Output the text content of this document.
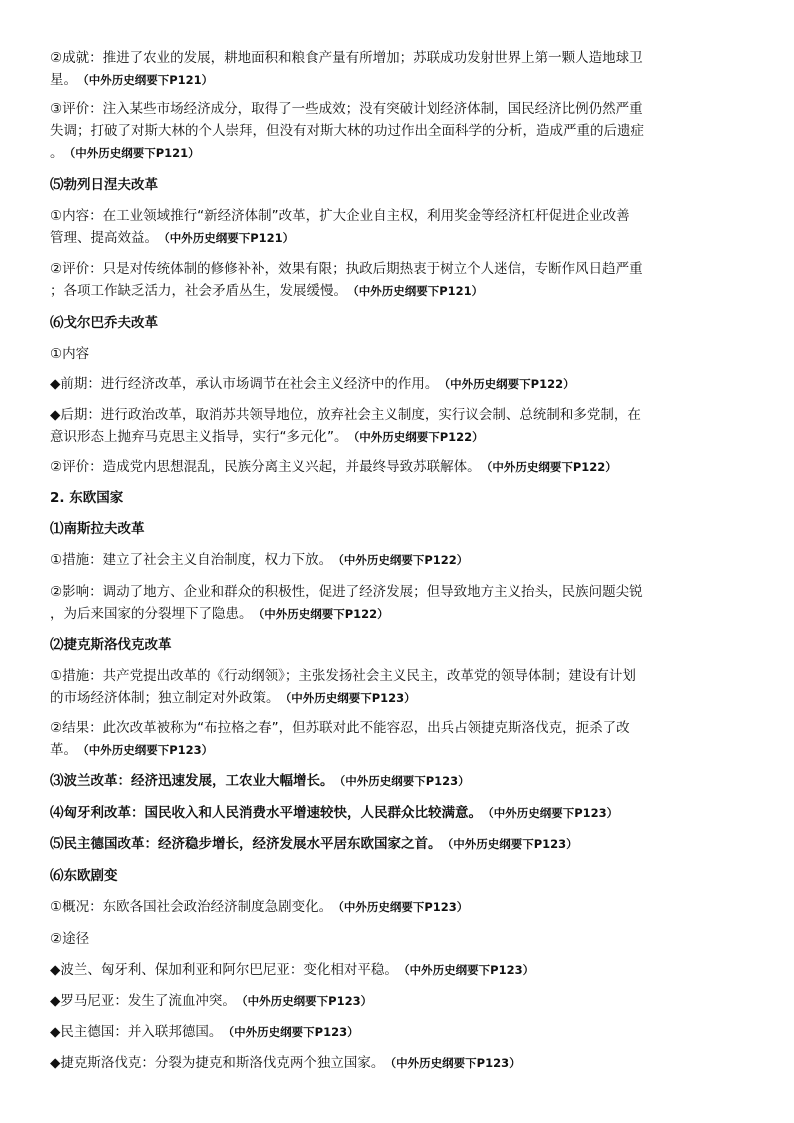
②成就：推进了农业的发展，耕地面积和粮食产量有所增加；苏联成功发射世界上第一颗人造地球卫
星。 （中外历史纲要下P121）
③评价：注入某些市场经济成分，取得了一些成效；没有突破计划经济体制，国民经济比例仍然严重
失调；打破了对斯大林的个人崇拜，但没有对斯大林的功过作出全面科学的分析，造成严重的后遗症
。 （中外历史纲要下P121）
⑸勃列日涅夫改革
①内容：在工业领域推行“新经济体制”改革，扩大企业自主权，利用奖金等经济杠杆促进企业改善
管理、提高效益。 （中外历史纲要下P121）
②评价：只是对传统体制的修修补补，效果有限；执政后期热衷于树立个人迷信，专断作风日趋严重
；各项工作缺乏活力，社会矛盾丛生，发展缓慢。 （中外历史纲要下P121）
⑹戈尔巴乔夫改革
①内容
◆前期：进行经济改革，承认市场调节在社会主义经济中的作用。 （中外历史纲要下P122）
◆后期：进行政治改革，取消苏共领导地位，放弃社会主义制度，实行议会制、总统制和多党制，在
意识形态上抛弃马克思主义指导，实行“多元化”。 （中外历史纲要下P122）
②评价：造成党内思想混乱，民族分离主义兴起，并最终导致苏联解体。 （中外历史纲要下P122）
2. 东欧国家
⑴南斯拉夫改革
①措施：建立了社会主义自治制度，权力下放。 （中外历史纲要下P122）
②影响：调动了地方、企业和群众的积极性，促进了经济发展；但导致地方主义抬头，民族问题尖锐
，为后来国家的分裂埋下了隐患。 （中外历史纲要下P122）
⑵捷克斯洛伐克改革
①措施：共产党提出改革的《行动纲领》；主张发扬社会主义民主，改革党的领导体制；建设有计划
的市场经济体制；独立制定对外政策。 （中外历史纲要下P123）
②结果：此次改革被称为“布拉格之春”，但苏联对此不能容忍，出兵占领捷克斯洛伐克，扼杀了改
革。 （中外历史纲要下P123）
⑶波兰改革：经济迅速发展，工农业大幅增长。 （中外历史纲要下P123）
⑷匈牙利改革：国民收入和人民消费水平增速较快，人民群众比较满意。 （中外历史纲要下P123）
⑸民主德国改革：经济稳步增长，经济发展水平居东欧国家之首。 （中外历史纲要下P123）
⑹东欧剧变
①概况：东欧各国社会政治经济制度急剧变化。 （中外历史纲要下P123）
②途径
◆波兰、匈牙利、保加利亚和阿尔巴尼亚：变化相对平稳。 （中外历史纲要下P123）
◆罗马尼亚：发生了流血冲突。 （中外历史纲要下P123）
◆民主德国：并入联邦德国。 （中外历史纲要下P123）
◆捷克斯洛伐克：分裂为捷克和斯洛伐克两个独立国家。 （中外历史纲要下P123）
